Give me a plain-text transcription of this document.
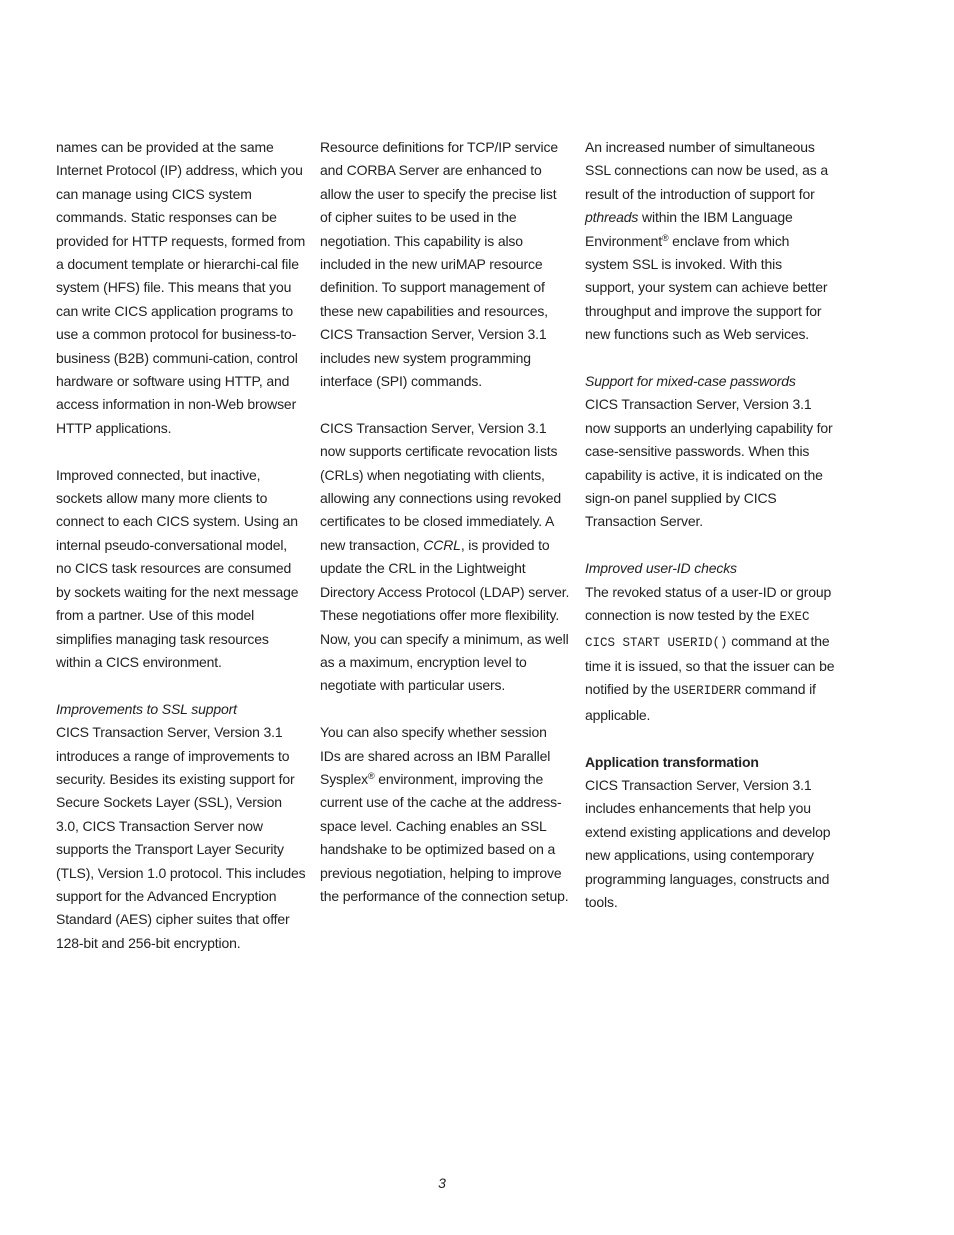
names can be provided at the same Internet Protocol (IP) address, which you can manage using CICS system commands. Static responses can be provided for HTTP requests, formed from a document template or hierarchi-cal file system (HFS) file. This means that you can write CICS application programs to use a common protocol for business-to-business (B2B) communi-cation, control hardware or software using HTTP, and access information in non-Web browser HTTP applications.

Improved connected, but inactive, sockets allow many more clients to connect to each CICS system. Using an internal pseudo-conversational model, no CICS task resources are consumed by sockets waiting for the next message from a partner. Use of this model simplifies managing task resources within a CICS environment.

Improvements to SSL support
CICS Transaction Server, Version 3.1 introduces a range of improvements to security. Besides its existing support for Secure Sockets Layer (SSL), Version 3.0, CICS Transaction Server now supports the Transport Layer Security (TLS), Version 1.0 protocol. This includes support for the Advanced Encryption Standard (AES) cipher suites that offer 128-bit and 256-bit encryption.

Resource definitions for TCP/IP service and CORBA Server are enhanced to allow the user to specify the precise list of cipher suites to be used in the negotiation. This capability is also included in the new uriMAP resource definition. To support management of these new capabilities and resources, CICS Transaction Server, Version 3.1 includes new system programming interface (SPI) commands.

CICS Transaction Server, Version 3.1 now supports certificate revocation lists (CRLs) when negotiating with clients, allowing any connections using revoked certificates to be closed immediately. A new transaction, CCRL, is provided to update the CRL in the Lightweight Directory Access Protocol (LDAP) server. These negotiations offer more flexibility. Now, you can specify a minimum, as well as a maximum, encryption level to negotiate with particular users.

You can also specify whether session IDs are shared across an IBM Parallel Sysplex® environment, improving the current use of the cache at the address-space level. Caching enables an SSL handshake to be optimized based on a previous negotiation, helping to improve the performance of the connection setup.

An increased number of simultaneous SSL connections can now be used, as a result of the introduction of support for pthreads within the IBM Language Environment® enclave from which system SSL is invoked. With this support, your system can achieve better throughput and improve the support for new functions such as Web services.

Support for mixed-case passwords
CICS Transaction Server, Version 3.1 now supports an underlying capability for case-sensitive passwords. When this capability is active, it is indicated on the sign-on panel supplied by CICS Transaction Server.

Improved user-ID checks
The revoked status of a user-ID or group connection is now tested by the EXEC CICS START USERID() command at the time it is issued, so that the issuer can be notified by the USERIDERR command if applicable.

Application transformation
CICS Transaction Server, Version 3.1 includes enhancements that help you extend existing applications and develop new applications, using contemporary programming languages, constructs and tools.

3
